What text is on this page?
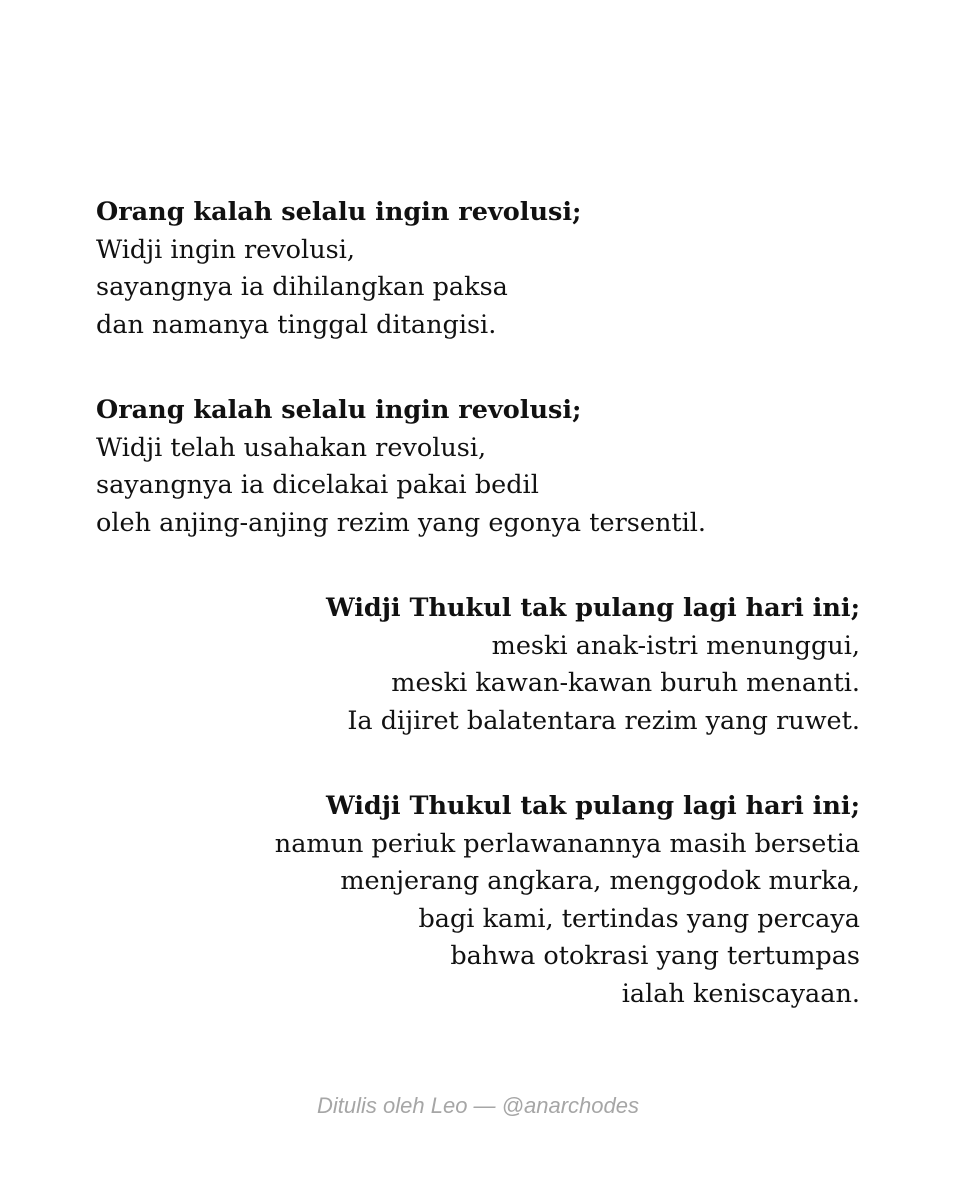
Orang kalah selalu ingin revolusi;
Widji ingin revolusi,
sayangnya ia dihilangkan paksa
dan namanya tinggal ditangisi.

Orang kalah selalu ingin revolusi;
Widji telah usahakan revolusi,
sayangnya ia dicelakai pakai bedil
oleh anjing-anjing rezim yang egonya tersentil.

Widji Thukul tak pulang lagi hari ini;
meski anak-istri menunggui,
meski kawan-kawan buruh menanti.
Ia dijiret balatentara rezim yang ruwet.

Widji Thukul tak pulang lagi hari ini;
namun periuk perlawanannya masih bersetia
menjerang angkara, menggodok murka,
bagi kami, tertindas yang percaya
bahwa otokrasi yang tertumpas
ialah keniscayaan.

Ditulis oleh Leo — @anarchodes
